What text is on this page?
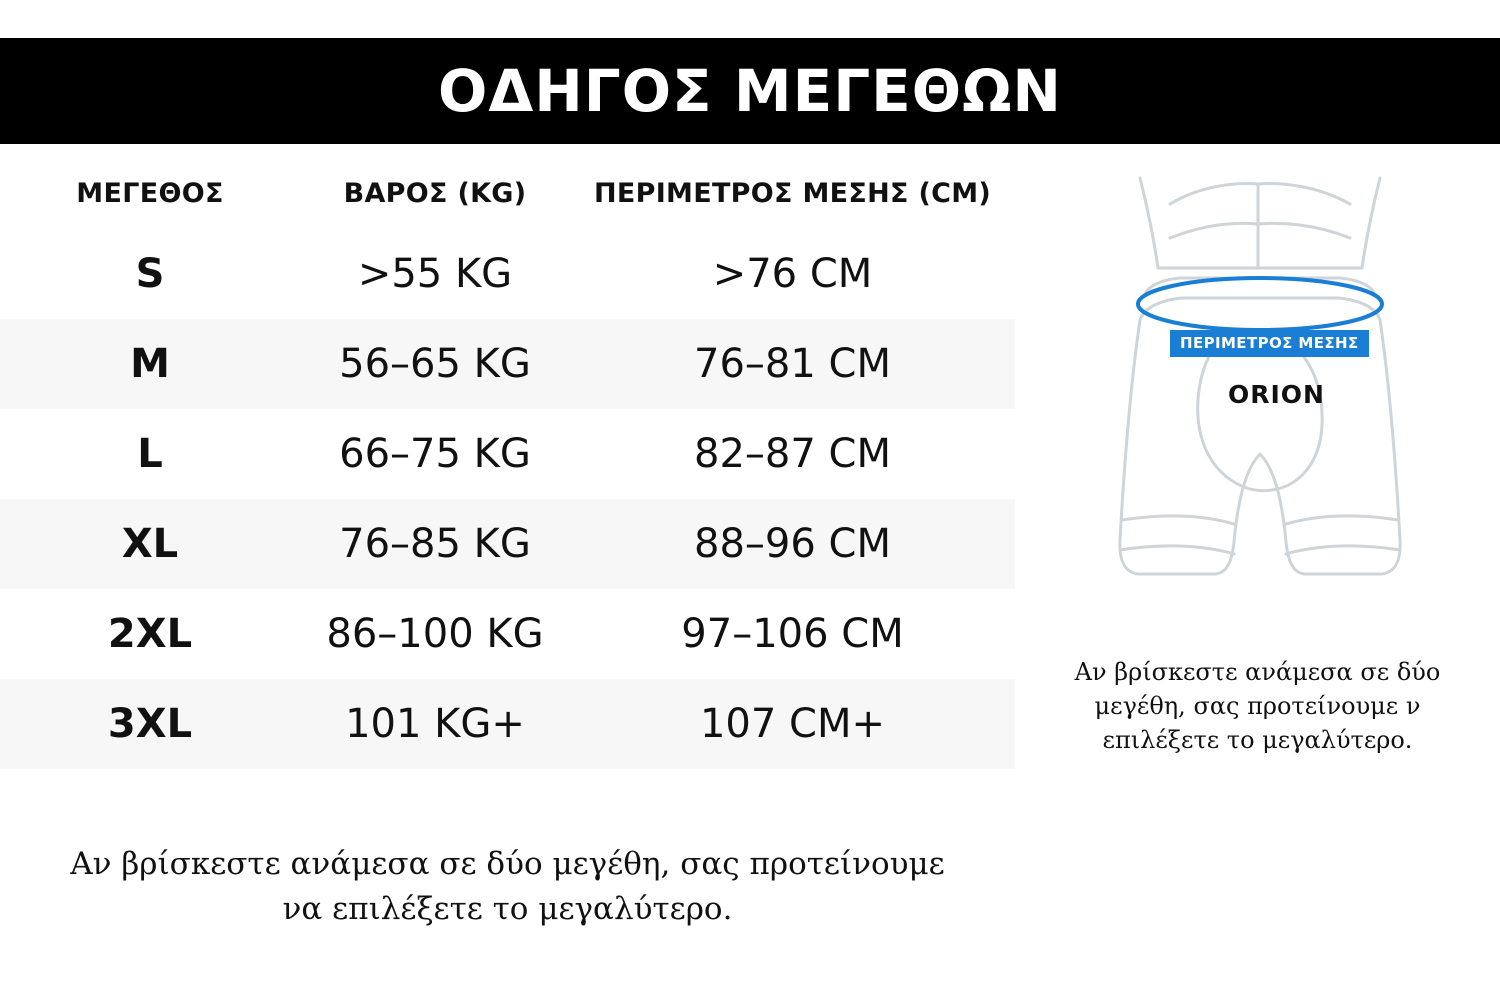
ΟΔΗΓΟΣ ΜΕΓΕΘΩΝ
ΜΕΓΕΘΟΣ	ΒΑΡΟΣ (KG)	ΠΕΡΙΜΕΤΡΟΣ ΜΕΣΗΣ (CM)
S	>55 KG	>76 CM
M	56–65 KG	76–81 CM
L	66–75 KG	82–87 CM
XL	76–85 KG	88–96 CM
2XL	86–100 KG	97–106 CM
3XL	101 KG+	107 CM+
Αν βρίσκεστε ανάμεσα σε δύο μεγέθη, σας προτείνουμε
να επιλέξετε το μεγαλύτερο.
ΠΕΡΙΜΕΤΡΟΣ ΜΕΣΗΣ
ORION
Αν βρίσκεστε ανάμεσα σε δύο
μεγέθη, σας προτείνουμε ν
επιλέξετε το μεγαλύτερο.
